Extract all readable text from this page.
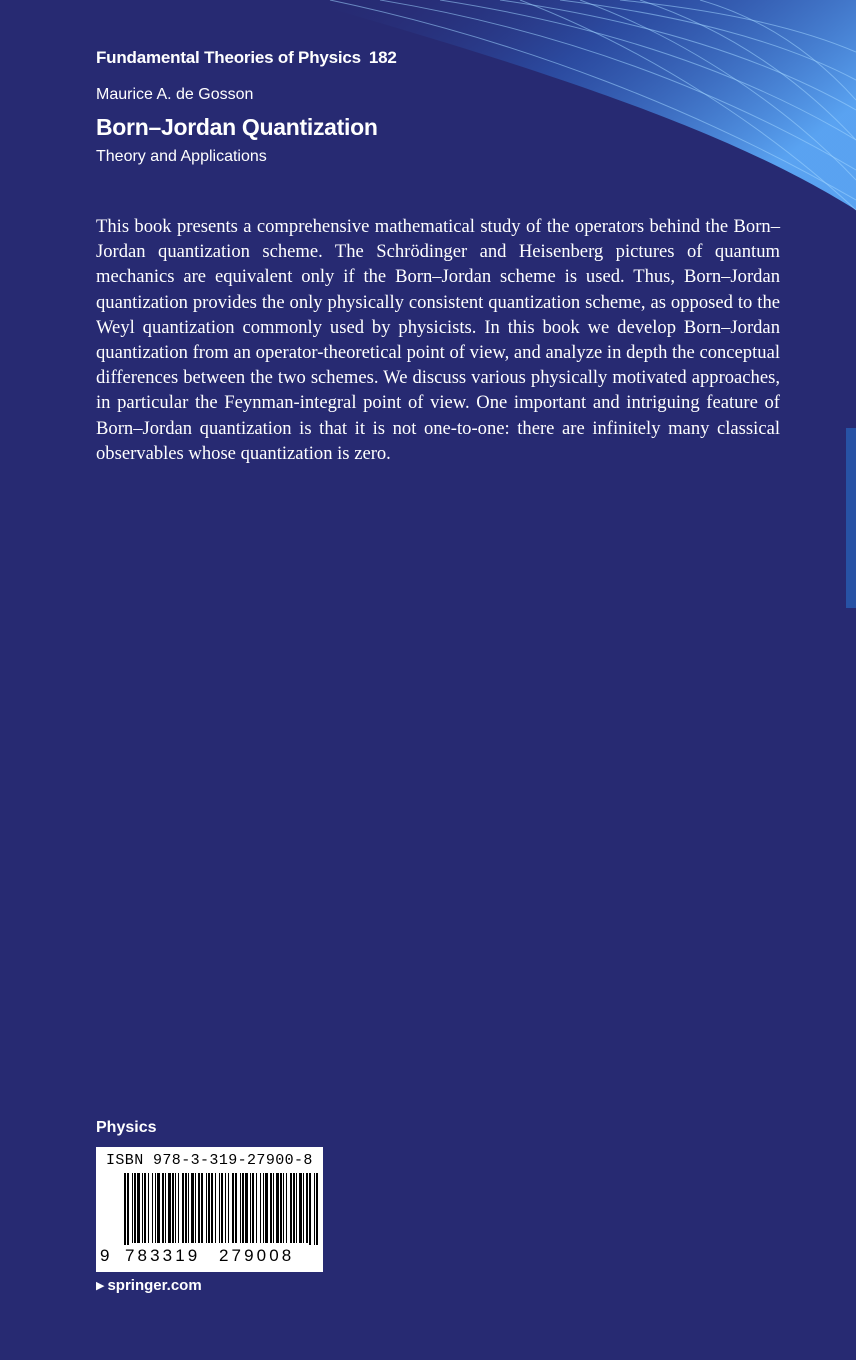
Fundamental Theories of Physics 182
Maurice A. de Gosson
Born–Jordan Quantization
Theory and Applications

This book presents a comprehensive mathematical study of the operators behind the Born–Jordan quantization scheme. The Schrödinger and Heisenberg pictures of quantum mechanics are equivalent only if the Born–Jordan scheme is used. Thus, Born–Jordan quantization provides the only physically consistent quantization scheme, as opposed to the Weyl quantization commonly used by physicists. In this book we develop Born–Jordan quantization from an operator-theoretical point of view, and analyze in depth the conceptual differences between the two schemes. We discuss various physically motivated approaches, in particular the Feynman-integral point of view. One important and intriguing feature of Born–Jordan quantization is that it is not one-to-one: there are infinitely many classical observables whose quantization is zero.

Physics
ISBN 978-3-319-27900-8
9 783319 279008
▶ springer.com
